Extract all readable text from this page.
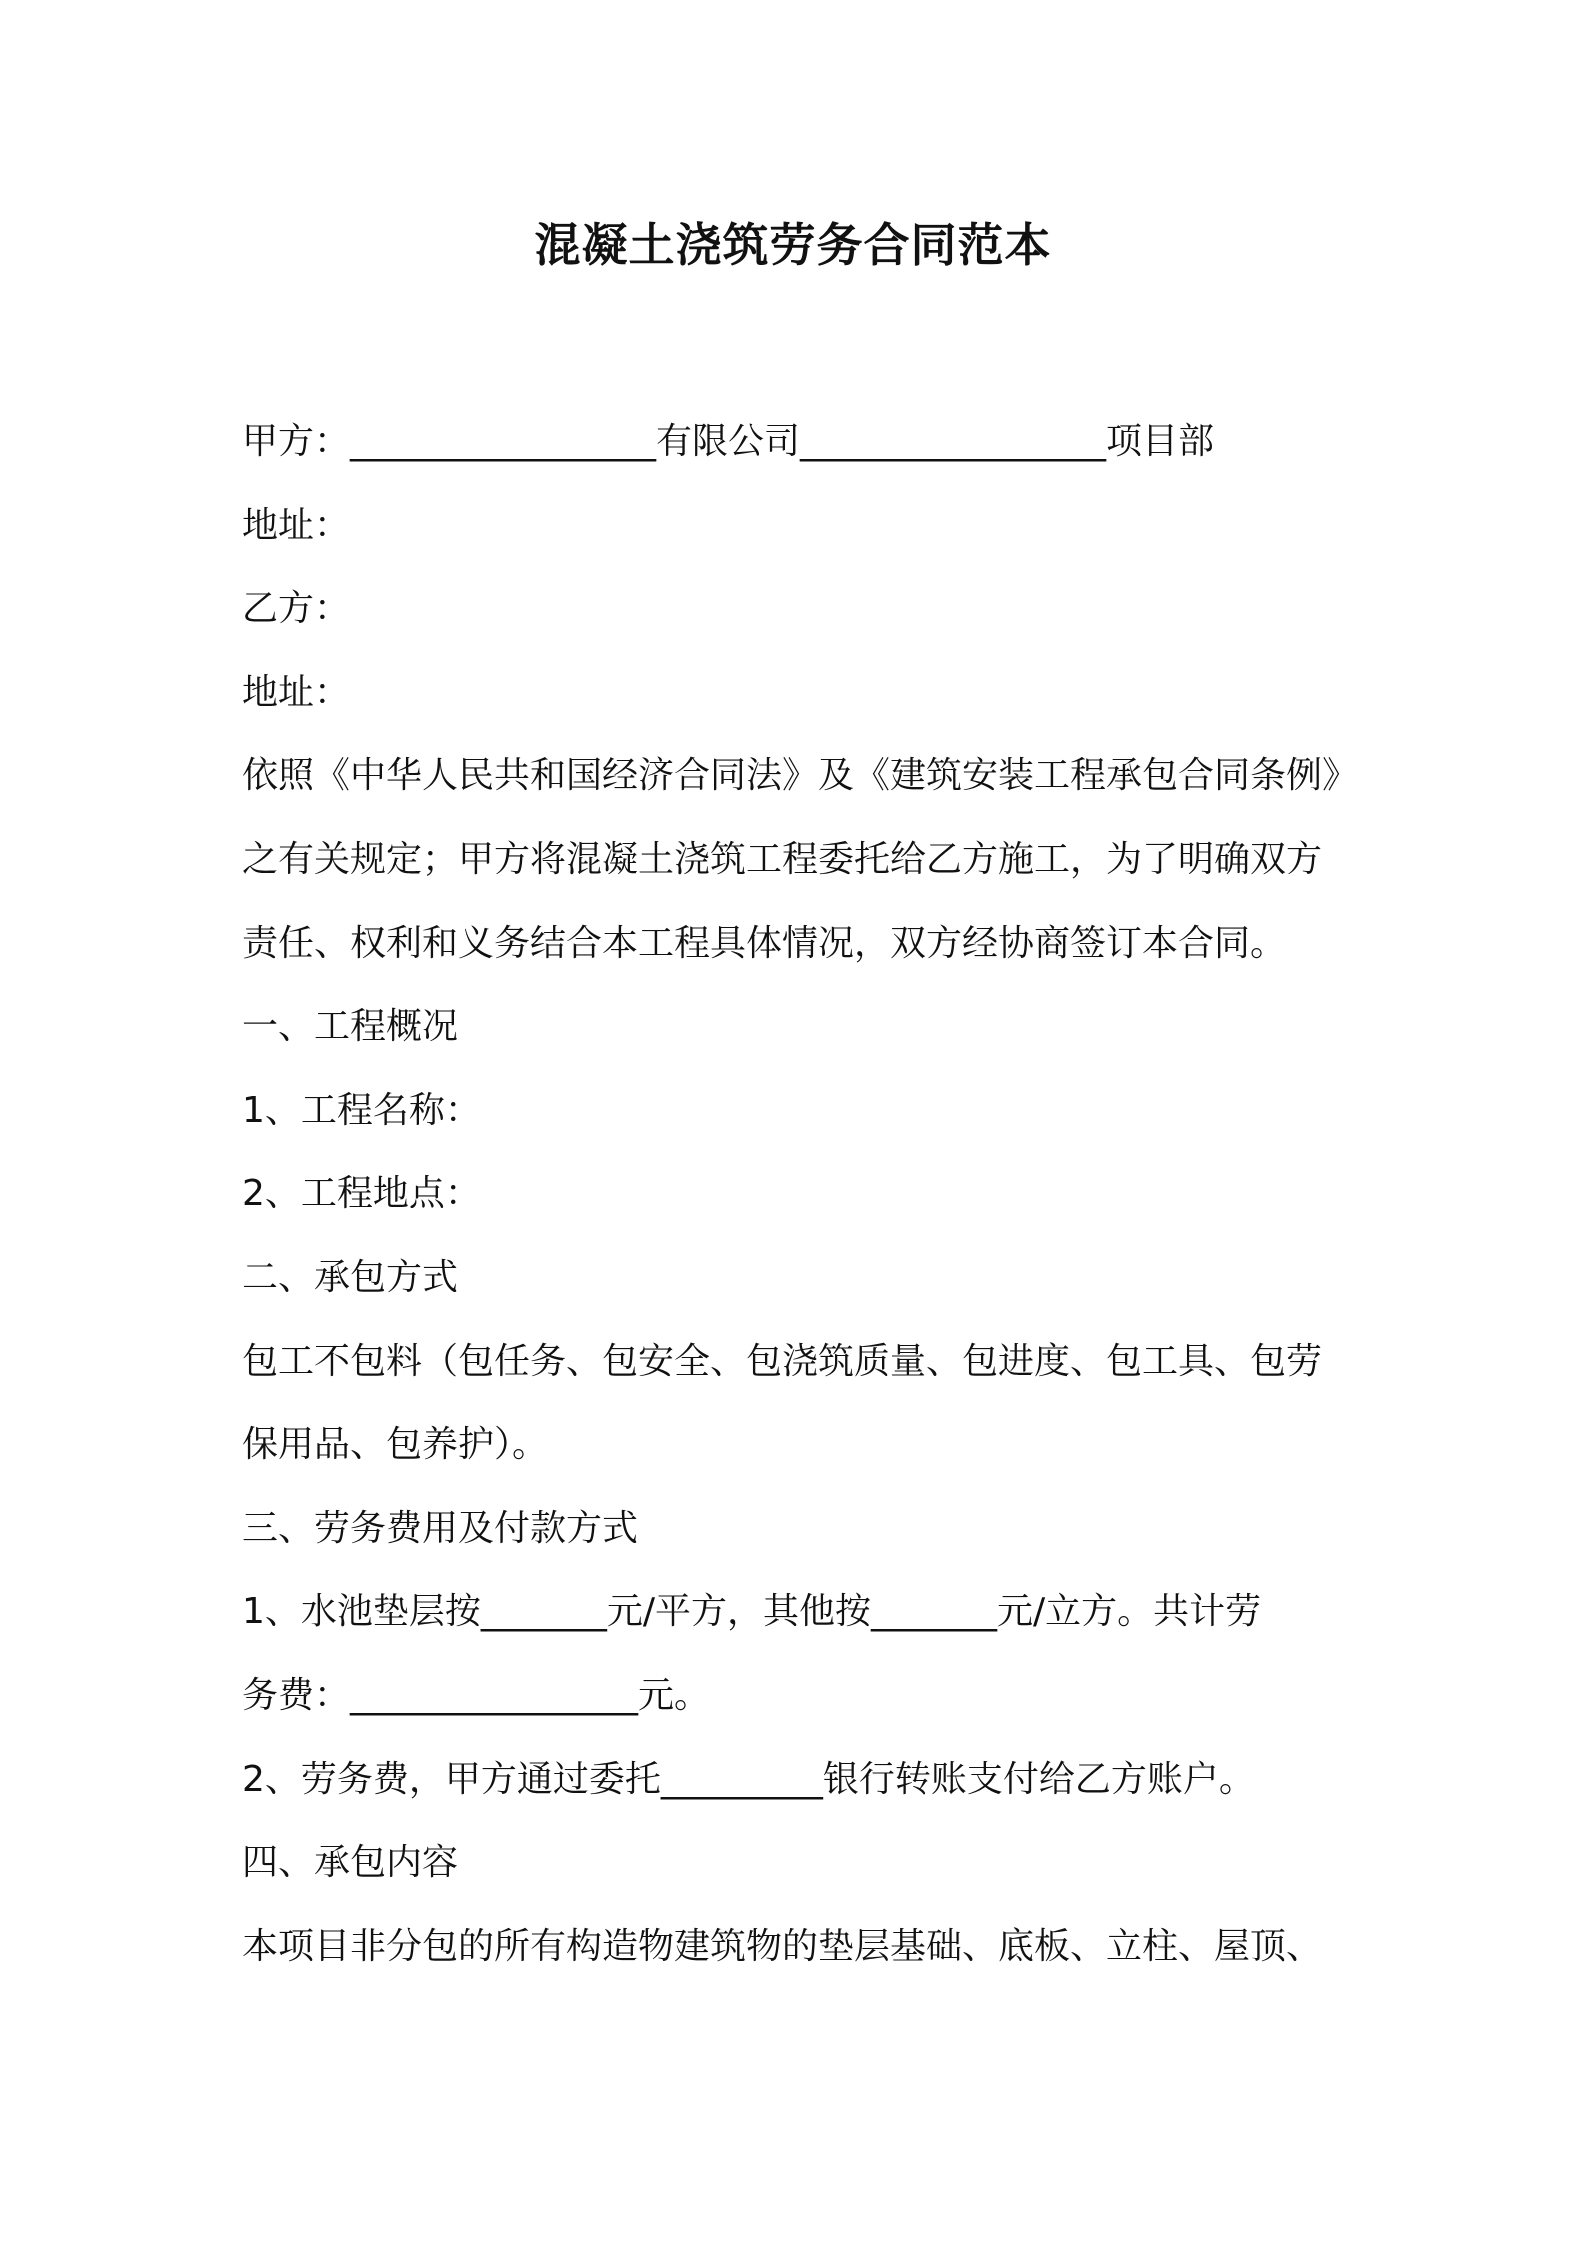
混凝土浇筑劳务合同范本
甲方：_________________有限公司_________________项目部
地址：
乙方：
地址：
依照《中华人民共和国经济合同法》及《建筑安装工程承包合同条例》
之有关规定；甲方将混凝土浇筑工程委托给乙方施工，为了明确双方
责任、权利和义务结合本工程具体情况，双方经协商签订本合同。
一、工程概况
1、工程名称：
2、工程地点：
二、承包方式
包工不包料（包任务、包安全、包浇筑质量、包进度、包工具、包劳
保用品、包养护）。
三、劳务费用及付款方式
1、水池垫层按_______元/平方，其他按_______元/立方。共计劳
务费：________________元。
2、劳务费，甲方通过委托_________银行转账支付给乙方账户。
四、承包内容
本项目非分包的所有构造物建筑物的垫层基础、底板、立柱、屋顶、
